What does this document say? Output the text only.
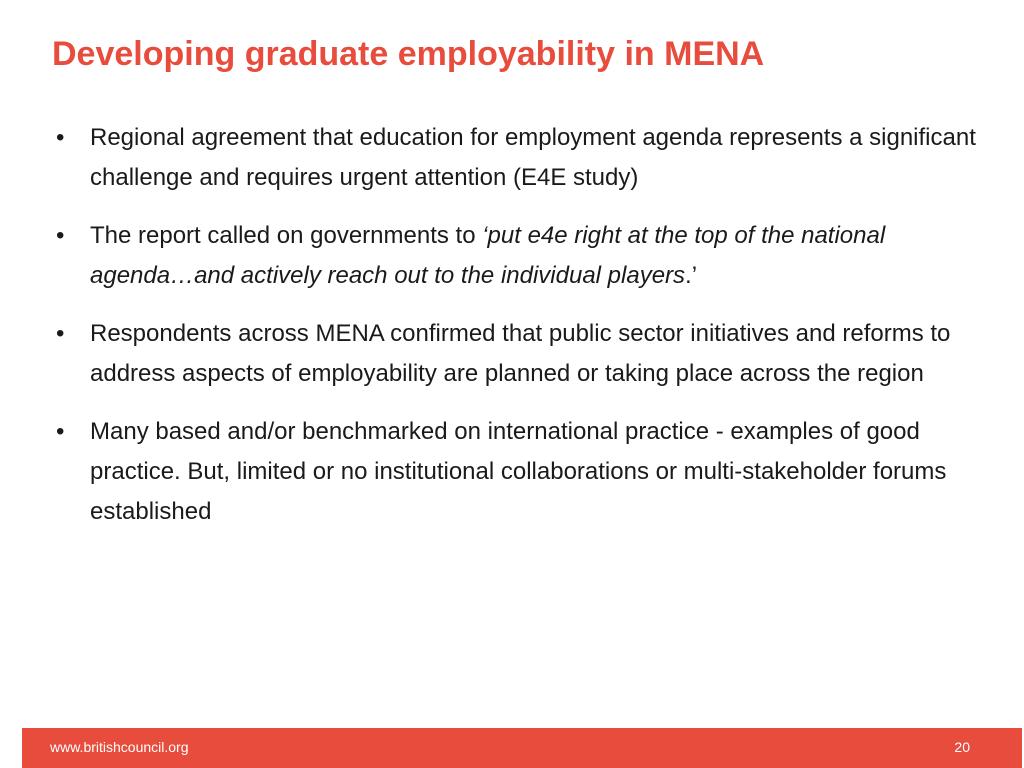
Developing graduate employability in MENA
• Regional agreement that education for employment agenda represents a significant challenge and requires urgent attention (E4E study)
• The report called on governments to ‘put e4e right at the top of the national agenda…and actively reach out to the individual players.’
• Respondents across MENA confirmed that public sector initiatives and reforms to address aspects of employability are planned or taking place across the region
• Many based and/or benchmarked on international practice - examples of good practice. But, limited or no institutional collaborations or multi-stakeholder forums established
www.britishcouncil.org	20
